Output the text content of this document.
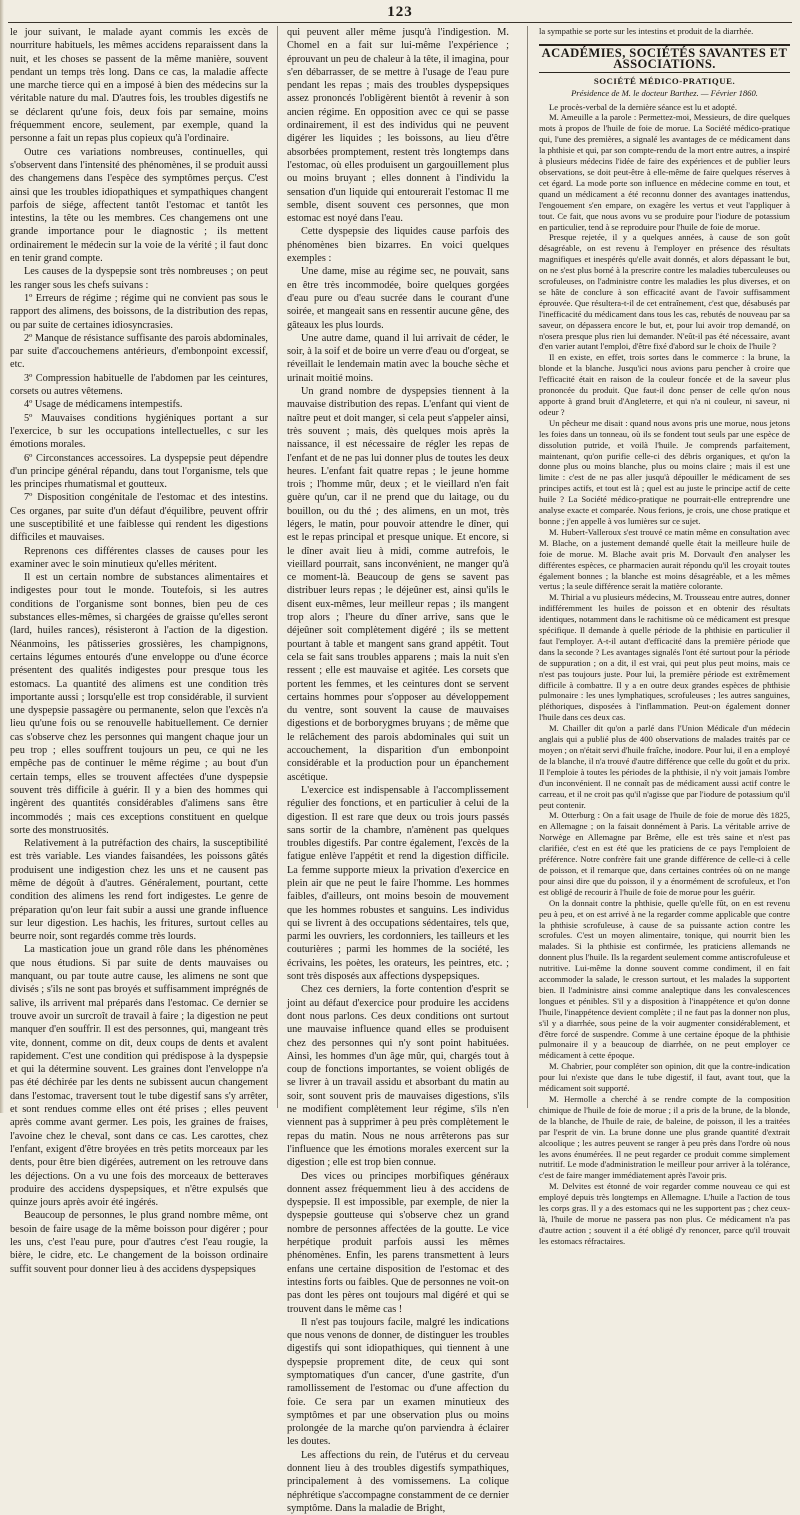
123

le jour suivant, le malade ayant commis les excès de nourriture habituels, les mêmes accidens reparaissent dans la nuit, et les choses se passent de la même manière, souvent pendant un temps très long. Dans ce cas, la maladie affecte une marche tierce qui en a imposé à bien des médecins sur la véritable nature du mal. D'autres fois, les troubles digestifs ne se déclarent qu'une fois, deux fois par semaine, moins fréquemment encore, seulement, par exemple, quand la personne a fait un repas plus copieux qu'à l'ordinaire.

Outre ces variations nombreuses, continuelles, qui s'observent dans l'intensité des phénomènes, il se produit aussi des changemens dans l'espèce des symptômes perçus. C'est ainsi que les troubles idiopathiques et sympathiques changent parfois de siége, affectent tantôt l'estomac et tantôt les intestins, la tête ou les membres. Ces changemens ont une grande importance pour le diagnostic ; ils mettent ordinairement le médecin sur la voie de la vérité ; il faut donc en tenir grand compte.

Les causes de la dyspepsie sont très nombreuses ; on peut les ranger sous les chefs suivans :

1º Erreurs de régime ; régime qui ne convient pas sous le rapport des alimens, des boissons, de la distribution des repas, ou par suite de certaines idiosyncrasies.

2º Manque de résistance suffisante des parois abdominales, par suite d'accouchemens antérieurs, d'embonpoint excessif, etc.

3º Compression habituelle de l'abdomen par les ceintures, corsets ou autres vêtemens.

4º Usage de médicamens intempestifs.

5º Mauvaises conditions hygiéniques portant a sur l'exercice, b sur les occupations intellectuelles, c sur les émotions morales.

6º Circonstances accessoires. La dyspepsie peut dépendre d'un principe général répandu, dans tout l'organisme, tels que les principes rhumatismal et goutteux.

7º Disposition congénitale de l'estomac et des intestins. Ces organes, par suite d'un défaut d'équilibre, peuvent offrir une susceptibilité et une faiblesse qui rendent les digestions difficiles et mauvaises.

Reprenons ces différentes classes de causes pour les examiner avec le soin minutieux qu'elles méritent.

Il est un certain nombre de substances alimentaires et indigestes pour tout le monde. Toutefois, si les autres conditions de l'organisme sont bonnes, bien peu de ces substances elles-mêmes, si chargées de graisse qu'elles seront (lard, huiles rances), résisteront à l'action de la digestion. Néanmoins, les pâtisseries grossières, les champignons, certains légumes entourés d'une enveloppe ou d'une écorce présentent des qualités indigestes pour presque tous les estomacs. La quantité des alimens est une condition très importante aussi ; lorsqu'elle est trop considérable, il survient une dyspepsie passagère ou permanente, selon que l'excès n'a lieu qu'une fois ou se renouvelle habituellement. Ce dernier cas s'observe chez les personnes qui mangent chaque jour un peu trop ; elles souffrent toujours un peu, ce qui ne les empêche pas de continuer le même régime ; au bout d'un certain temps, elles se trouvent affectées d'une dyspepsie souvent très difficile à guérir. Il y a bien des hommes qui ingèrent des quantités considérables d'alimens sans être incommodés ; mais ces exceptions constituent en quelque sorte des monstruosités.

Relativement à la putréfaction des chairs, la susceptibilité est très variable. Les viandes faisandées, les poissons gâtés produisent une indigestion chez les uns et ne causent pas même de dégoût à d'autres. Généralement, pourtant, cette condition des alimens les rend fort indigestes. Le genre de préparation qu'on leur fait subir a aussi une grande influence sur leur digestion. Les hachis, les fritures, surtout celles au beurre noir, sont regardés comme très lourds.

La mastication joue un grand rôle dans les phénomènes que nous étudions. Si par suite de dents mauvaises ou manquant, ou par toute autre cause, les alimens ne sont que divisés ; s'ils ne sont pas broyés et suffisamment imprégnés de salive, ils arrivent mal préparés dans l'estomac. Ce dernier se trouve avoir un surcroît de travail à faire ; la digestion ne peut manquer d'en souffrir. Il est des personnes, qui, mangeant très vite, donnent, comme on dit, deux coups de dents et avalent rapidement. C'est une condition qui prédispose à la dyspepsie et qui la détermine souvent. Les graines dont l'enveloppe n'a pas été déchirée par les dents ne subissent aucun changement dans l'estomac, traversent tout le tube digestif sans s'y arrêter, et sont rendues comme elles ont été prises ; elles peuvent après comme avant germer. Les pois, les graines de fraises, l'avoine chez le cheval, sont dans ce cas. Les carottes, chez l'enfant, exigent d'être broyées en très petits morceaux par les dents, pour être bien digérées, autrement on les retrouve dans les déjections. On a vu une fois des morceaux de betteraves produire des accidens dyspepsiques, et n'être expulsés que quinze jours après avoir été ingérés.

Beaucoup de personnes, le plus grand nombre même, ont besoin de faire usage de la même boisson pour digérer ; pour les uns, c'est l'eau pure, pour d'autres c'est l'eau rougie, la bière, le cidre, etc. Le changement de la boisson ordinaire suffit souvent pour donner lieu à des accidens dyspepsiques

qui peuvent aller même jusqu'à l'indigestion. M. Chomel en a fait sur lui-même l'expérience ; éprouvant un peu de chaleur à la tête, il imagina, pour s'en débarrasser, de se mettre à l'usage de l'eau pure pendant les repas ; mais des troubles dyspepsiques assez prononcés l'obligèrent bientôt à revenir à son ancien régime. En opposition avec ce qui se passe ordinairement, il est des individus qui ne peuvent digérer les liquides ; les boissons, au lieu d'être absorbées promptement, restent très longtemps dans l'estomac, où elles produisent un gargouillement plus ou moins bruyant ; elles donnent à l'individu la sensation d'un liquide qui entourerait l'estomac Il me semble, disent souvent ces personnes, que mon estomac est noyé dans l'eau.

Cette dyspepsie des liquides cause parfois des phénomènes bien bizarres. En voici quelques exemples :

Une dame, mise au régime sec, ne pouvait, sans en être très incommodée, boire quelques gorgées d'eau pure ou d'eau sucrée dans le courant d'une soirée, et mangeait sans en ressentir aucune gêne, des gâteaux les plus lourds.

Une autre dame, quand il lui arrivait de céder, le soir, à la soif et de boire un verre d'eau ou d'orgeat, se réveillait le lendemain matin avec la bouche sèche et urinait moitié moins.

Un grand nombre de dyspepsies tiennent à la mauvaise distribution des repas. L'enfant qui vient de naître peut et doit manger, si cela peut s'appeler ainsi, très souvent ; mais, dès quelques mois après la naissance, il est nécessaire de régler les repas de l'enfant et de ne pas lui donner plus de toutes les deux heures. L'enfant fait quatre repas ; le jeune homme trois ; l'homme mûr, deux ; et le vieillard n'en fait guère qu'un, car il ne prend que du laitage, ou du bouillon, ou du thé ; des alimens, en un mot, très légers, le matin, pour pouvoir attendre le dîner, qui est le repas principal et presque unique. Et encore, si le dîner avait lieu à midi, comme autrefois, le vieillard pourrait, sans inconvénient, ne manger qu'à ce moment-là. Beaucoup de gens se savent pas distribuer leurs repas ; le déjeûner est, ainsi qu'ils le disent eux-mêmes, leur meilleur repas ; ils mangent trop alors ; l'heure du dîner arrive, sans que le déjeûner soit complètement digéré ; ils se mettent pourtant à table et mangent sans grand appétit. Tout cela se fait sans troubles apparens ; mais la nuit s'en ressent ; elle est mauvaise et agitée. Les corsets que portent les femmes, et les ceintures dont se servent certains hommes pour s'opposer au développement du ventre, sont souvent la cause de mauvaises digestions et de borborygmes bruyans ; de même que le relâchement des parois abdominales qui suit un accouchement, la disparition d'un embonpoint considérable et la production pour un épanchement ascétique.

L'exercice est indispensable à l'accomplissement régulier des fonctions, et en particulier à celui de la digestion. Il est rare que deux ou trois jours passés sans sortir de la chambre, n'amènent pas quelques troubles digestifs. Par contre également, l'excès de la fatigue enlève l'appétit et rend la digestion difficile. La femme supporte mieux la privation d'exercice en plein air que ne peut le faire l'homme. Les hommes faibles, d'ailleurs, ont moins besoin de mouvement que les hommes robustes et sanguins. Les individus qui se livrent à des occupations sédentaires, tels que, parmi les ouvriers, les cordonniers, les tailleurs et les couturières ; parmi les hommes de la société, les écrivains, les poètes, les orateurs, les peintres, etc. ; sont très disposés aux affections dyspepsiques.

Chez ces derniers, la forte contention d'esprit se joint au défaut d'exercice pour produire les accidens dont nous parlons. Ces deux conditions ont surtout une mauvaise influence quand elles se produisent chez des personnes qui n'y sont point habituées. Ainsi, les hommes d'un âge mûr, qui, chargés tout à coup de fonctions importantes, se voient obligés de se livrer à un travail assidu et absorbant du matin au soir, sont souvent pris de mauvaises digestions, s'ils ne modifient complètement leur régime, s'ils n'en viennent pas à supprimer à peu près complètement le repas du matin. Nous ne nous arrêterons pas sur l'influence que les émotions morales exercent sur la digestion ; elle est trop bien connue.

Des vices ou principes morbifiques généraux donnent assez fréquemment lieu à des accidens de dyspepsie. Il est impossible, par exemple, de nier la dyspepsie goutteuse qui s'observe chez un grand nombre de personnes affectées de la goutte. Le vice herpétique produit parfois aussi les mêmes phénomènes. Enfin, les parens transmettent à leurs enfans une certaine disposition de l'estomac et des intestins forts ou faibles. Que de personnes ne voit-on pas dont les pères ont toujours mal digéré et qui se trouvent dans le même cas !

Il n'est pas toujours facile, malgré les indications que nous venons de donner, de distinguer les troubles digestifs qui sont idiopathiques, qui tiennent à une dyspepsie proprement dite, de ceux qui sont symptomatiques d'un cancer, d'une gastrite, d'un ramollissement de l'estomac ou d'une affection du foie. Ce sera par un examen minutieux des symptômes et par une observation plus ou moins prolongée de la marche qu'on parviendra à éclairer les doutes.

Les affections du rein, de l'utérus et du cerveau donnent lieu à des troubles digestifs sympathiques, principalement à des vomissemens. La colique néphrétique s'accompagne constamment de ce dernier symptôme. Dans la maladie de Bright,

la sympathie se porte sur les intestins et produit de la diarrhée.

ACADÉMIES, SOCIÉTÉS SAVANTES ET ASSOCIATIONS.
SOCIÉTÉ MÉDICO-PRATIQUE.
Présidence de M. le docteur Barthez. — Février 1860.

Le procès-verbal de la dernière séance est lu et adopté.

M. Ameuille a la parole : Permettez-moi, Messieurs, de dire quelques mots à propos de l'huile de foie de morue. La Société médico-pratique qui, l'une des premières, a signalé les avantages de ce médicament dans la phthisie et qui, par son compte-rendu de la mort entre autres, a inspiré à plusieurs médecins l'idée de faire des expériences et de publier leurs observations, se doit peut-être à elle-même de faire quelques réserves à cet égard. La mode porte son influence en médecine comme en tout, et quand un médicament a été reconnu donner des avantages inattendus, l'engouement s'en empare, on exagère les vertus et veut l'appliquer à tout. Ce fait, que nous avons vu se produire pour l'iodure de potassium en particulier, tend à se reproduire pour l'huile de foie de morue.

Presque rejetée, il y a quelques années, à cause de son goût désagréable, on est revenu à l'employer en présence des résultats magnifiques et inespérés qu'elle avait donnés, et alors dépassant le but, on ne s'est plus borné à la prescrire contre les maladies tuberculeuses ou scrofuleuses, on l'administre contre les maladies les plus diverses, et on se hâte de conclure à son efficacité avant de l'avoir suffisamment éprouvée. Que résultera-t-il de cet entraînement, c'est que, désabusés par l'inefficacité du médicament dans tous les cas, rebutés de nouveau par sa saveur, on dépassera encore le but, et, pour lui avoir trop demandé, on n'osera presque plus rien lui demander. N'eût-il pas été nécessaire, avant d'en varier autant l'emploi, d'être fixé d'abord sur le choix de l'huile ?

Il en existe, en effet, trois sortes dans le commerce : la brune, la blonde et la blanche. Jusqu'ici nous avions paru pencher à croire que l'efficacité était en raison de la couleur foncée et de la saveur plus prononcée du produit. Que faut-il donc penser de celle qu'on nous apporte à grand bruit d'Angleterre, et qui n'a ni couleur, ni saveur, ni odeur ?

Un pêcheur me disait : quand nous avons pris une morue, nous jetons les foies dans un tonneau, où ils se fondent tout seuls par une espèce de dissolution putride, et voilà l'huile. Je comprends parfaitement, maintenant, qu'on purifie celle-ci des débris organiques, et qu'on la donne plus ou moins blanche, plus ou moins claire ; mais il est une limite : c'est de ne pas aller jusqu'à dépouiller le médicament de ses principes actifs, et tout est là ; quel est au juste le principe actif de cette huile ? La Société médico-pratique ne pourrait-elle entreprendre une analyse exacte et comparée. Nous ferions, je crois, une chose pratique et bonne ; j'en appelle à vos lumières sur ce sujet.

M. Hubert-Valleroux s'est trouvé ce matin même en consultation avec M. Blache, on a justement demandé quelle était la meilleure huile de foie de morue. M. Blache avait pris M. Dorvault d'en analyser les différentes espèces, ce pharmacien aurait répondu qu'il les croyait toutes également bonnes ; la blanche est moins désagréable, et a les mêmes vertus ; la seule différence serait la matière colorante.

M. Thirial a vu plusieurs médecins, M. Trousseau entre autres, donner indifféremment les huiles de poisson et en obtenir des résultats identiques, notamment dans le rachitisme où ce médicament est presque spécifique. Il demande à quelle période de la phthisie en particulier il faut l'employer. A-t-il autant d'efficacité dans la première période que dans la seconde ? Les avantages signalés l'ont été surtout pour la période de suppuration ; on a dit, il est vrai, qui peut plus peut moins, mais ce n'est pas toujours juste. Pour lui, la première période est extrêmement difficile à combattre. Il y a en outre deux grandes espèces de phthisie pulmonaire : les unes lymphatiques, scrofuleuses ; les autres sanguines, pléthoriques, disposées à l'inflammation. Peut-on également donner l'huile dans ces deux cas.

M. Chailler dit qu'on a parlé dans l'Union Médicale d'un médecin anglais qui a publié plus de 400 observations de malades traités par ce moyen ; on n'était servi d'huile fraîche, inodore. Pour lui, il en a employé de la blanche, il n'a trouvé d'autre différence que celle du goût et du prix. Il l'emploie à toutes les périodes de la phthisie, il n'y voit jamais l'ombre d'un inconvénient. Il ne connaît pas de médicament aussi actif contre le carreau, et il ne croit pas qu'il n'agisse que par l'iodure de potassium qu'il peut contenir.

M. Otterburg : On a fait usage de l'huile de foie de morue dès 1825, en Allemagne ; on la faisait donnément à Paris. La véritable arrive de Norwège en Allemagne par Brême, elle est très saine et n'est pas clarifiée, c'est en est été que les praticiens de ce pays l'emploient de préférence. Notre confrère fait une grande différence de celle-ci à celle de poisson, et il remarque que, dans certaines contrées où on ne mange pour ainsi dire que du poisson, il y a énormément de scrofuleux, et l'on est obligé de recourir à l'huile de foie de morue pour les guérir.

On la donnait contre la phthisie, quelle qu'elle fût, on en est revenu peu à peu, et on est arrivé à ne la regarder comme applicable que contre la phthisie scrofuleuse, à cause de sa puissante action contre les scrofules. C'est un moyen alimentaire, tonique, qui nourrit bien les malades. Si la phthisie est confirmée, les praticiens allemands ne donnent plus l'huile. Ils la regardent seulement comme antiscrofuleuse et nutritive. Lui-même la donne souvent comme condiment, il en fait accommoder la salade, le cresson surtout, et les malades la supportent bien. Il l'administre ainsi comme analeptique dans les convalescences longues et pénibles. S'il y a disposition à l'inappétence et qu'on donne l'huile, l'inappétence devient complète ; il ne faut pas la donner non plus, s'il y a diarrhée, sous peine de la voir augmenter considérablement, et d'être forcé de suspendre. Comme à une certaine époque de la phthisie pulmonaire il y a beaucoup de diarrhée, on ne peut employer ce médicament à cette époque.

M. Chabrier, pour compléter son opinion, dit que la contre-indication pour lui n'existe que dans le tube digestif, il faut, avant tout, que la médicament soit supporté.

M. Hermolle a cherché à se rendre compte de la composition chimique de l'huile de foie de morue ; il a pris de la brune, de la blonde, de la blanche, de l'huile de raie, de baleine, de poisson, il les a traitées par l'esprit de vin. La brune donne une plus grande quantité d'extrait alcoolique ; les autres peuvent se ranger à peu près dans l'ordre où nous les avons énumérées. Il ne peut regarder ce produit comme simplement nutritif. Le mode d'administration le meilleur pour arriver à la tolérance, c'est de faire manger immédiatement après l'avoir pris.

M. Delvites est étonné de voir regarder comme nouveau ce qui est employé depuis très longtemps en Allemagne. L'huile a l'action de tous les corps gras. Il y a des estomacs qui ne les supportent pas ; chez ceux-là, l'huile de morue ne passera pas non plus. Ce médicament n'a pas d'autre action ; souvent il a été obligé d'y renoncer, parce qu'il trouvait les estomacs réfractaires.
